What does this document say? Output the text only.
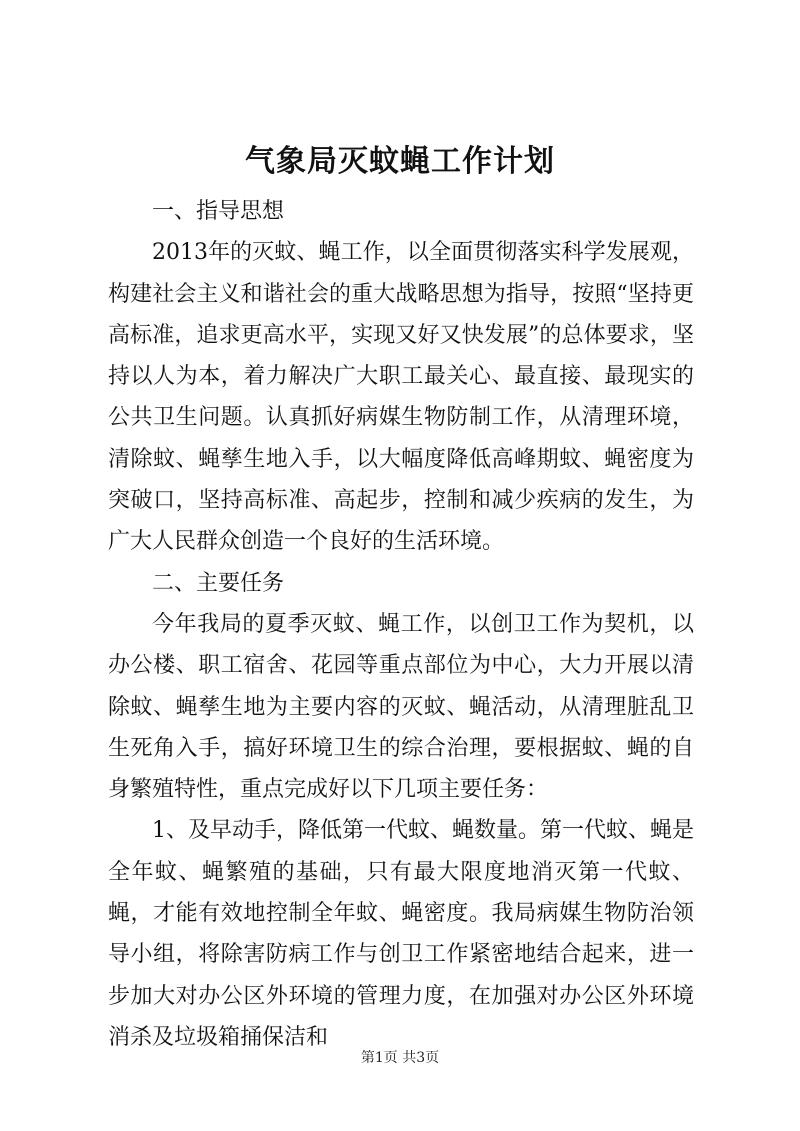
气象局灭蚊蝇工作计划

一、指导思想

2013年的灭蚊、蝇工作，以全面贯彻落实科学发展观，构建社会主义和谐社会的重大战略思想为指导，按照“坚持更高标准，追求更高水平，实现又好又快发展”的总体要求，坚持以人为本，着力解决广大职工最关心、最直接、最现实的公共卫生问题。认真抓好病媒生物防制工作，从清理环境，清除蚊、蝇孳生地入手，以大幅度降低高峰期蚊、蝇密度为突破口，坚持高标准、高起步，控制和减少疾病的发生，为广大人民群众创造一个良好的生活环境。

二、主要任务

今年我局的夏季灭蚊、蝇工作，以创卫工作为契机，以办公楼、职工宿舍、花园等重点部位为中心，大力开展以清除蚊、蝇孳生地为主要内容的灭蚊、蝇活动，从清理脏乱卫生死角入手，搞好环境卫生的综合治理，要根据蚊、蝇的自身繁殖特性，重点完成好以下几项主要任务：

1、及早动手，降低第一代蚊、蝇数量。第一代蚊、蝇是全年蚊、蝇繁殖的基础，只有最大限度地消灭第一代蚊、蝇，才能有效地控制全年蚊、蝇密度。我局病媒生物防治领导小组，将除害防病工作与创卫工作紧密地结合起来，进一步加大对办公区外环境的管理力度，在加强对办公区外环境消杀及垃圾箱捅保洁和

第1页 共3页
